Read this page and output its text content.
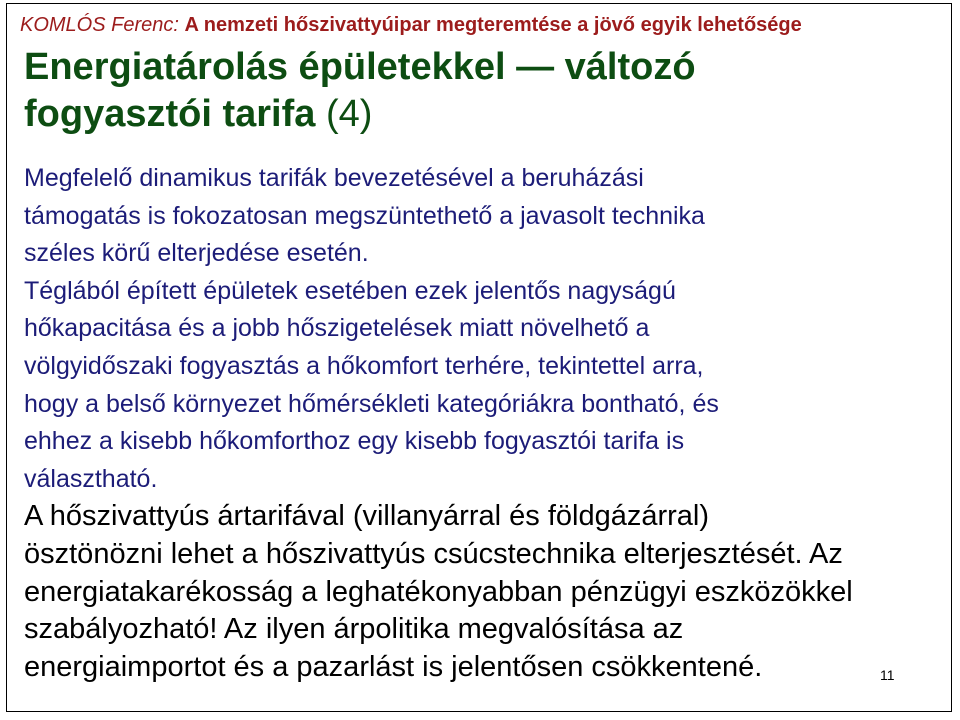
KOMLÓS Ferenc: A nemzeti hőszivattyúipar megteremtése a jövő egyik lehetősége
Energiatárolás épületekkel — változó
fogyasztói tarifa (4)
Megfelelő dinamikus tarifák bevezetésével a beruházási
támogatás is fokozatosan megszüntethető a javasolt technika
széles körű elterjedése esetén.
Téglából épített épületek esetében ezek jelentős nagyságú
hőkapacitása és a jobb hőszigetelések miatt növelhető a
völgyidőszaki fogyasztás a hőkomfort terhére, tekintettel arra,
hogy a belső környezet hőmérsékleti kategóriákra bontható, és
ehhez a kisebb hőkomforthoz egy kisebb fogyasztói tarifa is
választható.
A hőszivattyús ártarifával (villanyárral és földgázárral)
ösztönözni lehet a hőszivattyús csúcstechnika elterjesztését. Az
energiatakarékosság a leghatékonyabban pénzügyi eszközökkel
szabályozható! Az ilyen árpolitika megvalósítása az
energiaimportot és a pazarlást is jelentősen csökkentené.	11
